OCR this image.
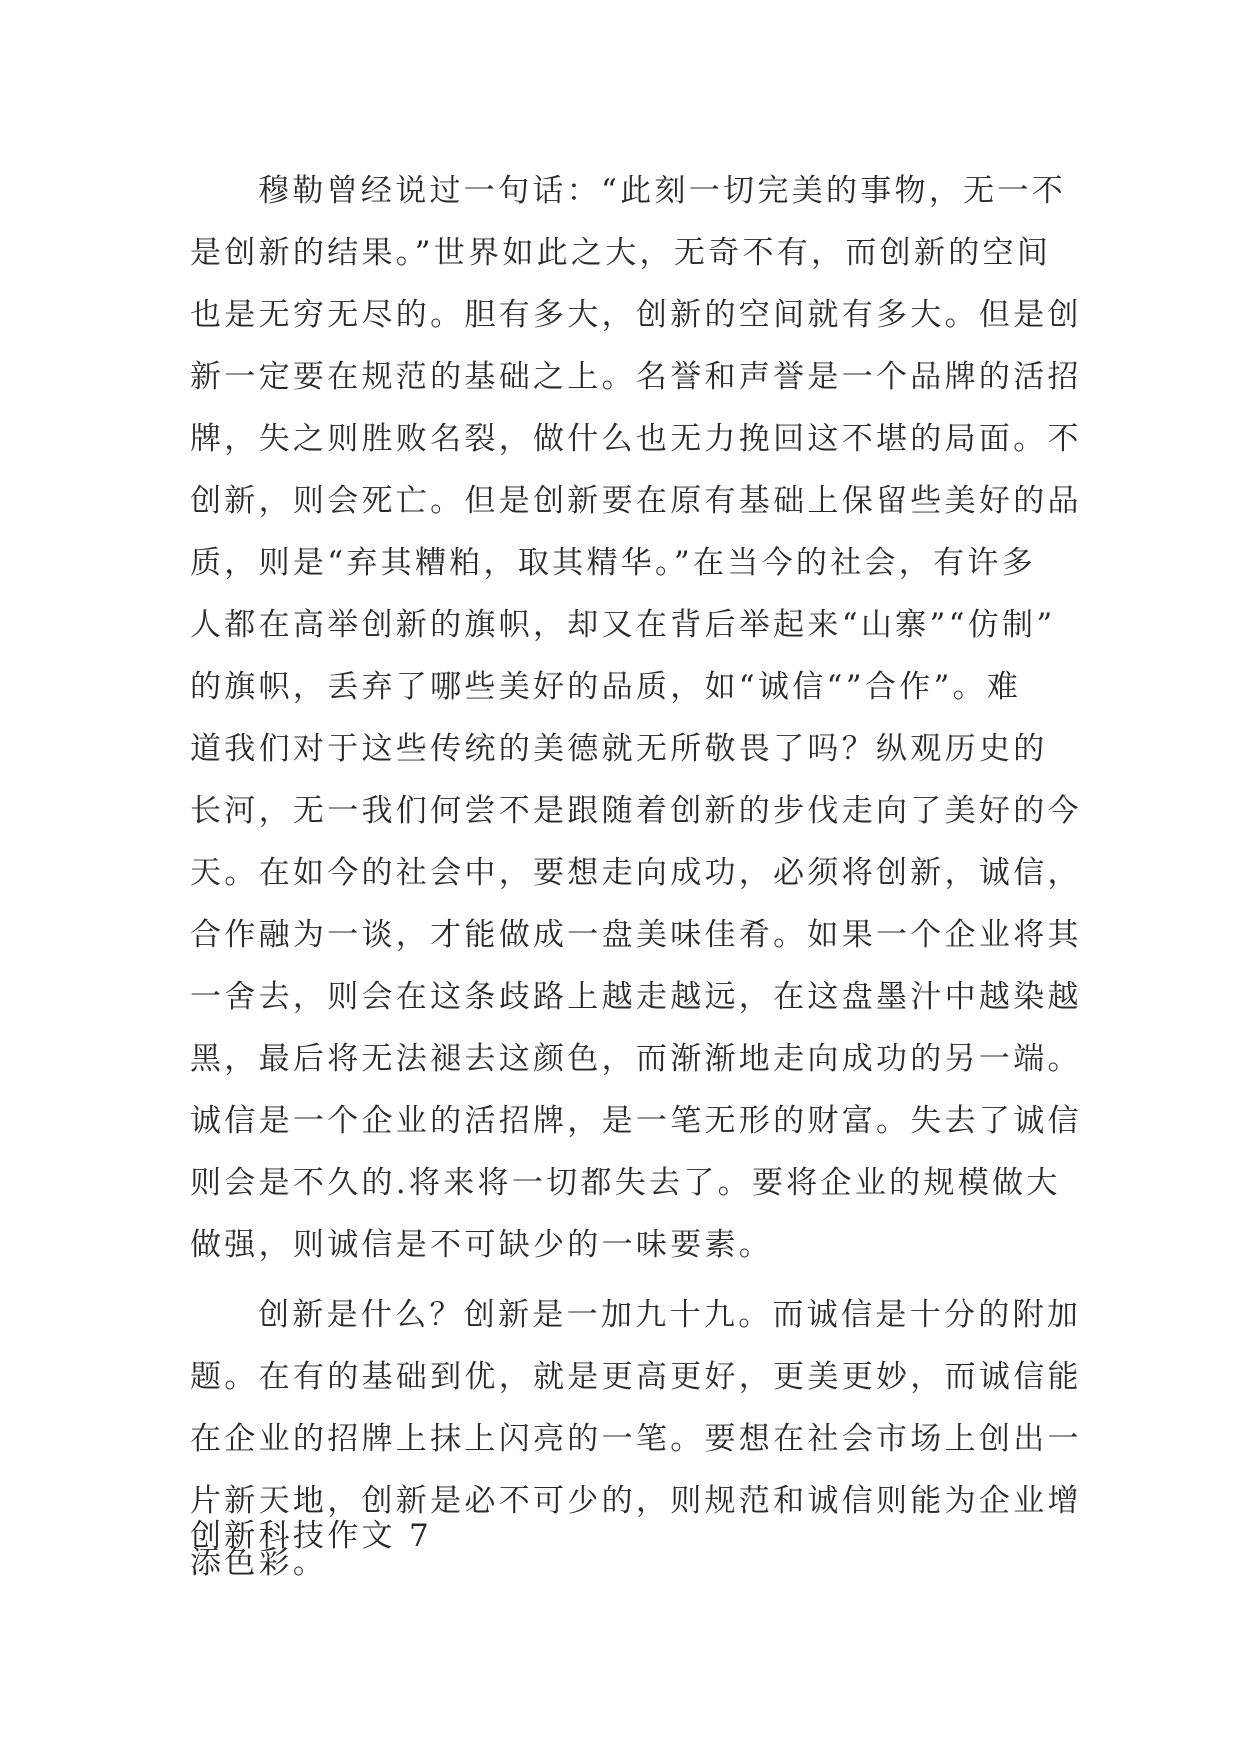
穆勒曾经说过一句话：“此刻一切完美的事物，无一不
是创新的结果。”世界如此之大，无奇不有，而创新的空间
也是无穷无尽的。胆有多大，创新的空间就有多大。但是创
新一定要在规范的基础之上。名誉和声誉是一个品牌的活招
牌，失之则胜败名裂，做什么也无力挽回这不堪的局面。不
创新，则会死亡。但是创新要在原有基础上保留些美好的品
质，则是“弃其糟粕，取其精华。”在当今的社会，有许多
人都在高举创新的旗帜，却又在背后举起来“山寨”“仿制”
的旗帜，丢弃了哪些美好的品质，如“诚信“”合作”。难
道我们对于这些传统的美德就无所敬畏了吗？纵观历史的
长河，无一我们何尝不是跟随着创新的步伐走向了美好的今
天。在如今的社会中，要想走向成功，必须将创新，诚信，
合作融为一谈，才能做成一盘美味佳肴。如果一个企业将其
一舍去，则会在这条歧路上越走越远，在这盘墨汁中越染越
黑，最后将无法褪去这颜色，而渐渐地走向成功的另一端。
诚信是一个企业的活招牌，是一笔无形的财富。失去了诚信
则会是不久的.将来将一切都失去了。要将企业的规模做大
做强，则诚信是不可缺少的一味要素。
创新是什么？创新是一加九十九。而诚信是十分的附加
题。在有的基础到优，就是更高更好，更美更妙，而诚信能
在企业的招牌上抹上闪亮的一笔。要想在社会市场上创出一
片新天地，创新是必不可少的，则规范和诚信则能为企业增
添色彩。
创新科技作文 7
